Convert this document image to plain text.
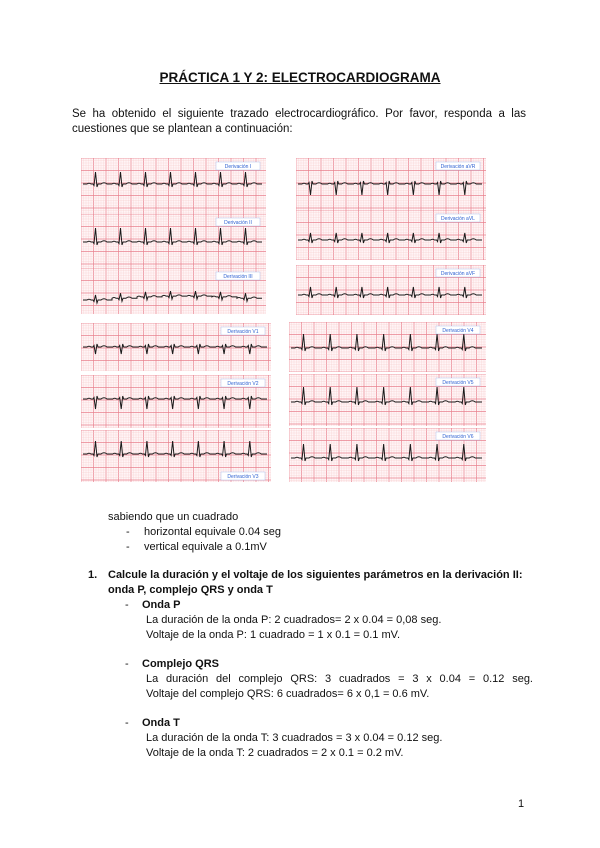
PRÁCTICA 1 Y 2: ELECTROCARDIOGRAMA
Se ha obtenido el siguiente trazado electrocardiográfico. Por favor, responda a las cuestiones que se plantean a continuación:
Derivación I
Derivación II
Derivación III
Derivación V1
Derivación V2
Derivación V3
Derivación aVR
Derivación aVL
Derivación aVF
Derivación V4
Derivación V5
Derivación V6
sabiendo que un cuadrado
- horizontal equivale 0.04 seg
- vertical equivale a 0.1mV
1. Calcule la duración y el voltaje de los siguientes parámetros en la derivación II: onda P, complejo QRS y onda T
- Onda P
La duración de la onda P: 2 cuadrados= 2 x 0.04 = 0,08 seg.
Voltaje de la onda P: 1 cuadrado = 1 x 0.1 = 0.1 mV.
- Complejo QRS
La duración del complejo QRS: 3 cuadrados = 3 x 0.04 = 0.12 seg.
Voltaje del complejo QRS: 6 cuadrados= 6 x 0,1 = 0.6 mV.
- Onda T
La duración de la onda T: 3 cuadrados = 3 x 0.04 = 0.12 seg.
Voltaje de la onda T: 2 cuadrados = 2 x 0.1 = 0.2 mV.
1
